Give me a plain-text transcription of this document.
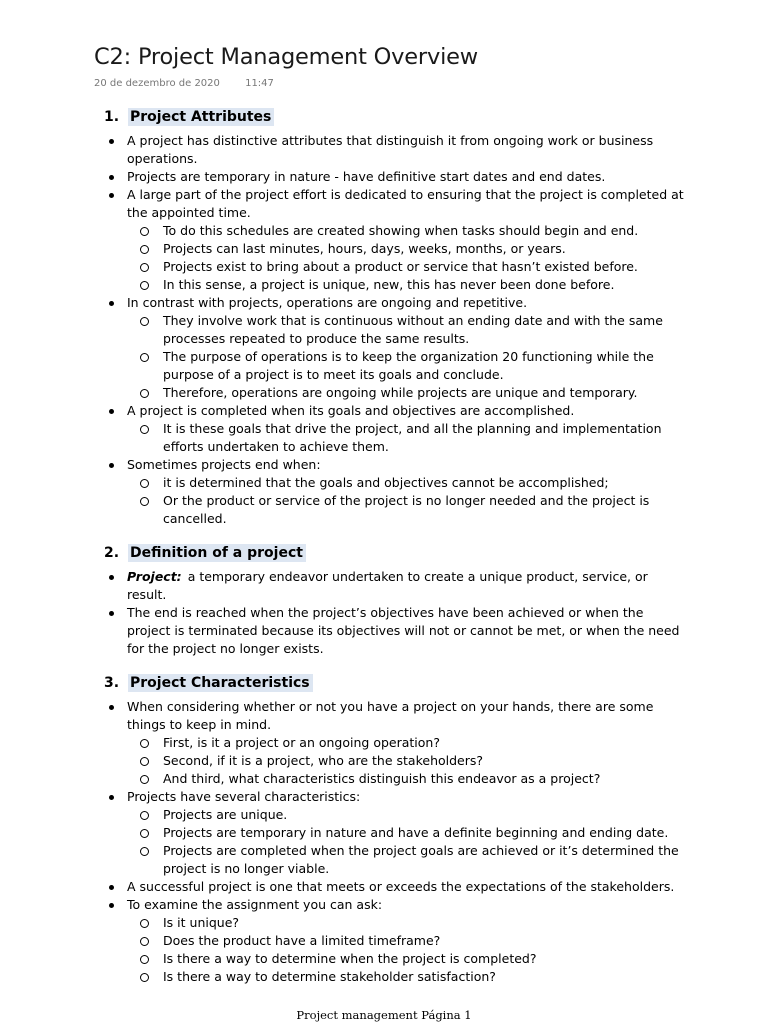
C2: Project Management Overview
20 de dezembro de 2020	11:47
1. Project Attributes
A project has distinctive attributes that distinguish it from ongoing work or business operations.
Projects are temporary in nature - have definitive start dates and end dates.
A large part of the project effort is dedicated to ensuring that the project is completed at the appointed time.
To do this schedules are created showing when tasks should begin and end.
Projects can last minutes, hours, days, weeks, months, or years.
Projects exist to bring about a product or service that hasn’t existed before.
In this sense, a project is unique, new, this has never been done before.
In contrast with projects, operations are ongoing and repetitive.
They involve work that is continuous without an ending date and with the same processes repeated to produce the same results.
The purpose of operations is to keep the organization 20 functioning while the purpose of a project is to meet its goals and conclude.
Therefore, operations are ongoing while projects are unique and temporary.
A project is completed when its goals and objectives are accomplished.
It is these goals that drive the project, and all the planning and implementation efforts undertaken to achieve them.
Sometimes projects end when:
it is determined that the goals and objectives cannot be accomplished;
Or the product or service of the project is no longer needed and the project is cancelled.
2. Definition of a project
Project: a temporary endeavor undertaken to create a unique product, service, or result.
The end is reached when the project’s objectives have been achieved or when the project is terminated because its objectives will not or cannot be met, or when the need for the project no longer exists.
3. Project Characteristics
When considering whether or not you have a project on your hands, there are some things to keep in mind.
First, is it a project or an ongoing operation?
Second, if it is a project, who are the stakeholders?
And third, what characteristics distinguish this endeavor as a project?
Projects have several characteristics:
Projects are unique.
Projects are temporary in nature and have a definite beginning and ending date.
Projects are completed when the project goals are achieved or it’s determined the project is no longer viable.
A successful project is one that meets or exceeds the expectations of the stakeholders.
To examine the assignment you can ask:
Is it unique?
Does the product have a limited timeframe?
Is there a way to determine when the project is completed?
Is there a way to determine stakeholder satisfaction?
Project management Página 1
